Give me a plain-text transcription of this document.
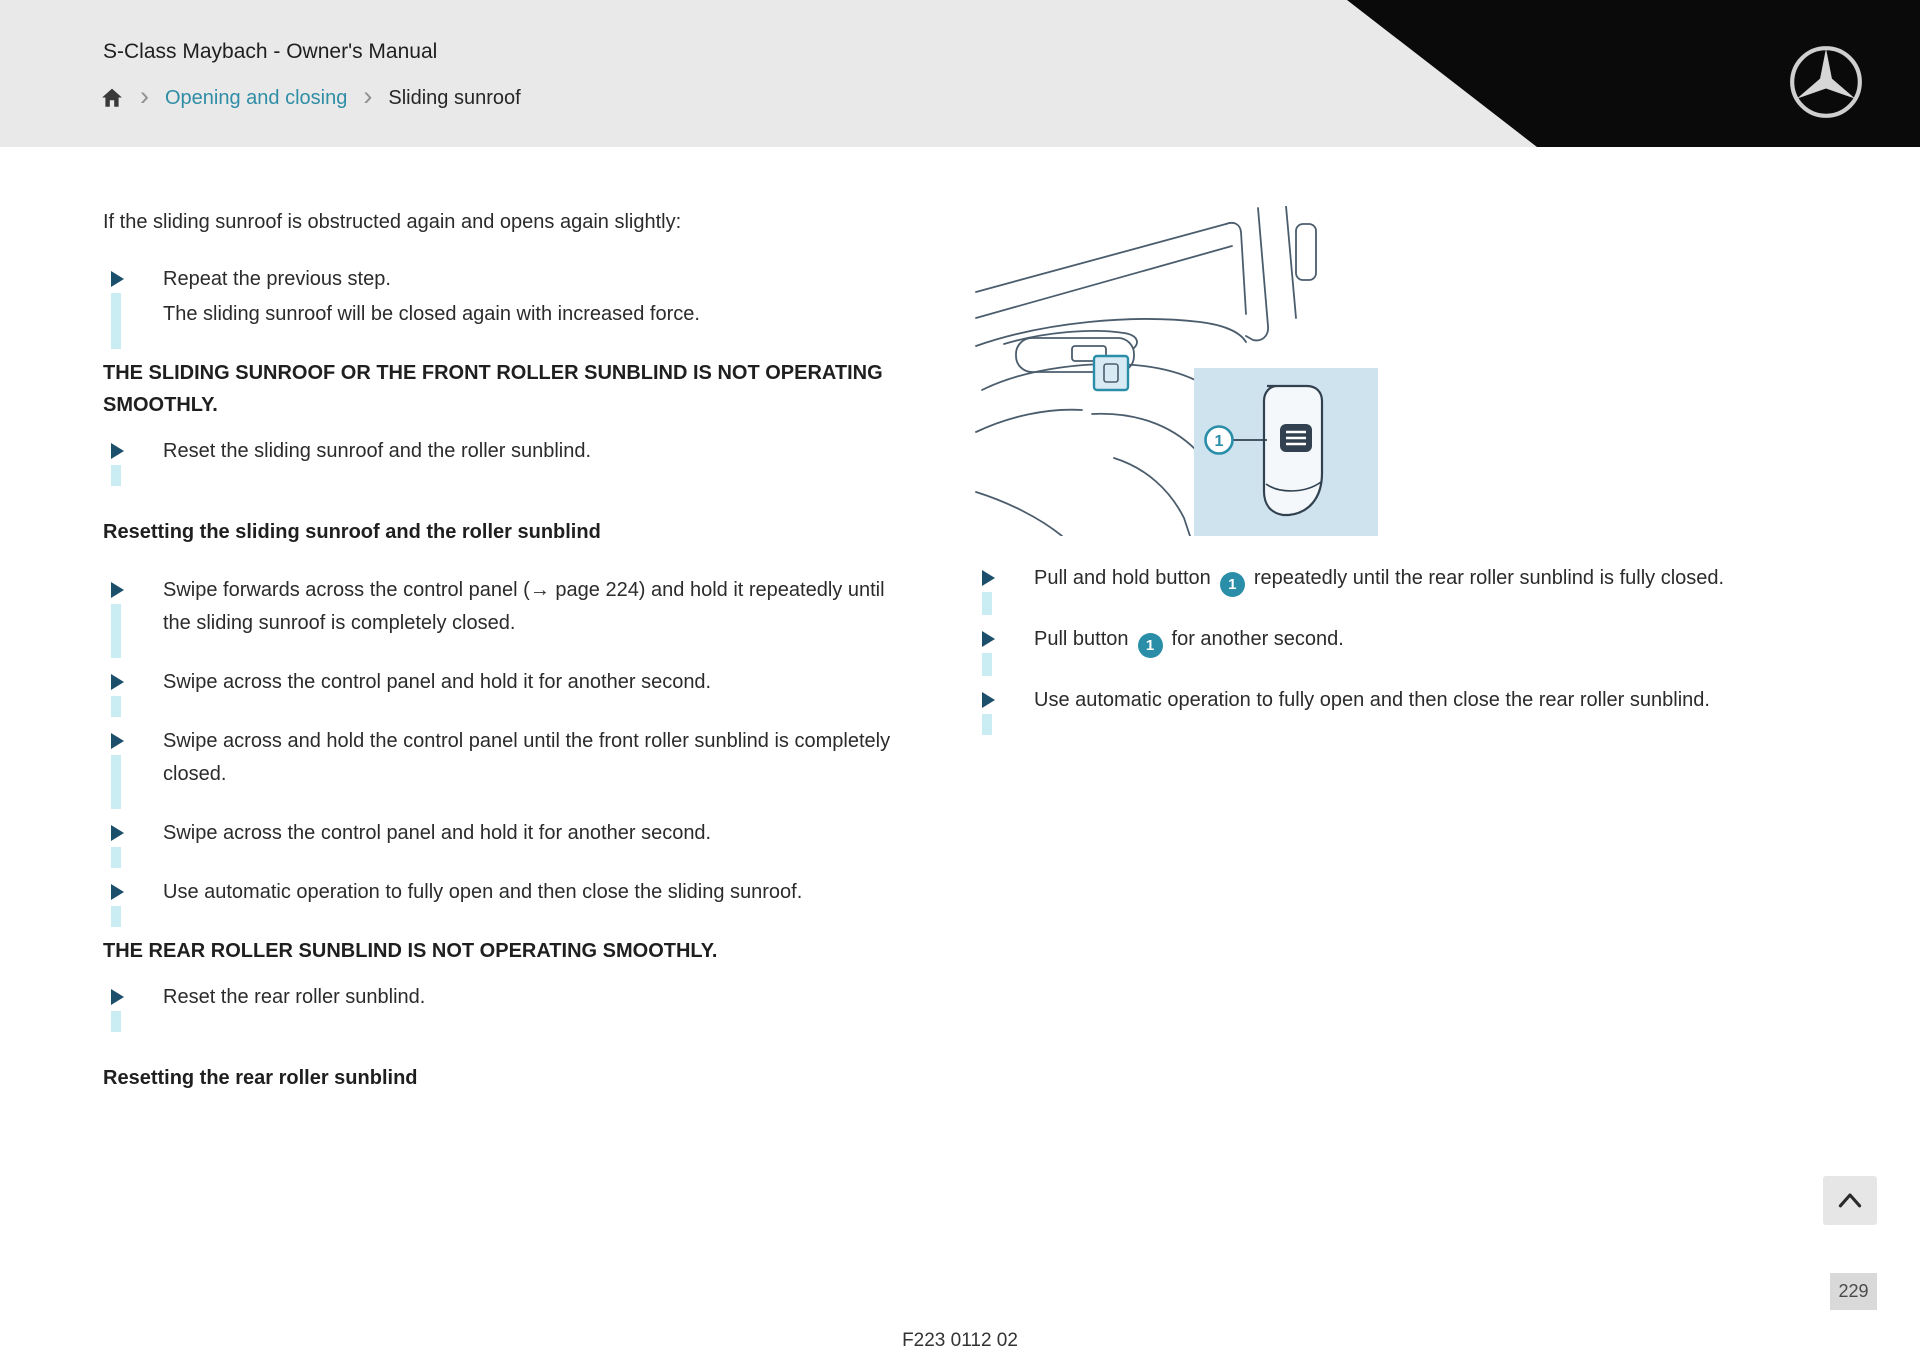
S-Class Maybach - Owner's Manual
› Opening and closing › Sliding sunroof

If the sliding sunroof is obstructed again and opens again slightly:

Repeat the previous step.
The sliding sunroof will be closed again with increased force.
THE SLIDING SUNROOF OR THE FRONT ROLLER SUNBLIND IS NOT OPERATING SMOOTHLY.
Reset the sliding sunroof and the roller sunblind.
Resetting the sliding sunroof and the roller sunblind
Swipe forwards across the control panel (→ page 224) and hold it repeatedly until the sliding sunroof is completely closed.
Swipe across the control panel and hold it for another second.
Swipe across and hold the control panel until the front roller sunblind is completely closed.
Swipe across the control panel and hold it for another second.
Use automatic operation to fully open and then close the sliding sunroof.
THE REAR ROLLER SUNBLIND IS NOT OPERATING SMOOTHLY.
Reset the rear roller sunblind.
Resetting the rear roller sunblind
1
Pull and hold button 1 repeatedly until the rear roller sunblind is fully closed.
Pull button 1 for another second.
Use automatic operation to fully open and then close the rear roller sunblind.
229
F223 0112 02
